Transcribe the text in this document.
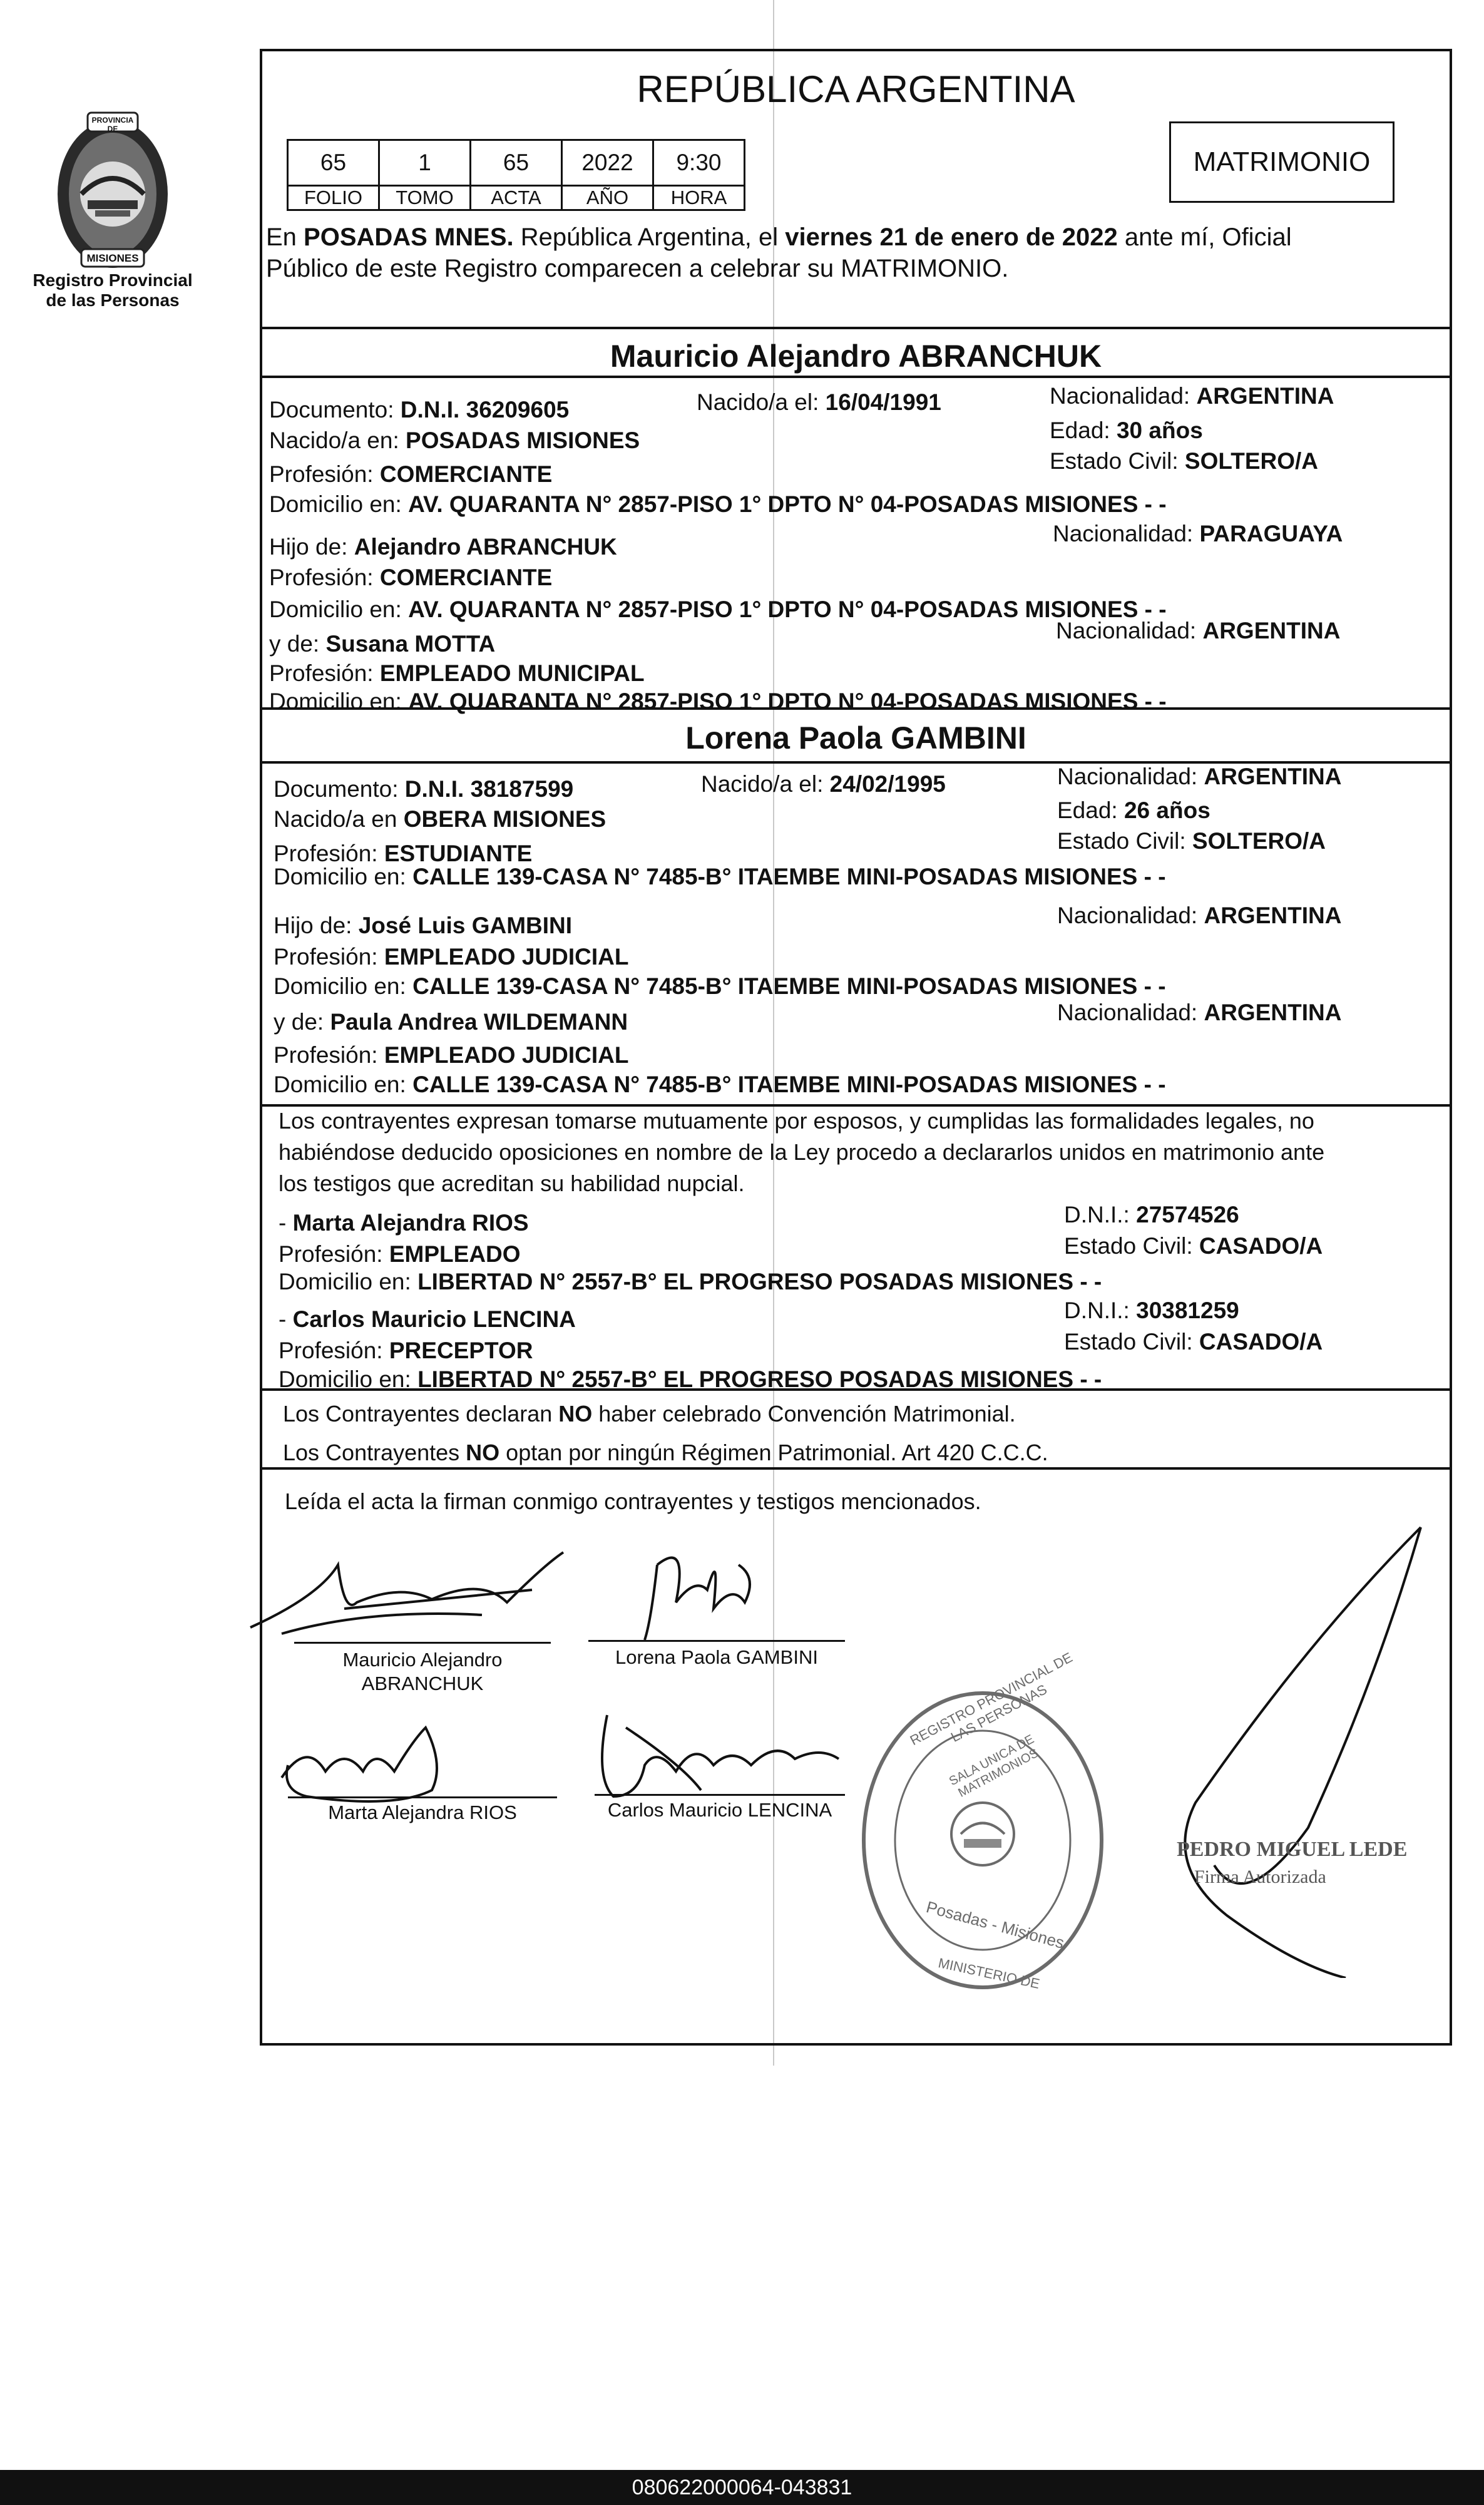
PROVINCIA DE
MISIONES
Registro Provincial
de las Personas
REPÚBLICA ARGENTINA
65	1	65	2022	9:30
FOLIO	TOMO	ACTA	AÑO	HORA
MATRIMONIO
En POSADAS MNES. República Argentina, el viernes 21 de enero de 2022 ante mí, Oficial
Público de este Registro comparecen a celebrar su MATRIMONIO.
Mauricio Alejandro ABRANCHUK
Documento: D.N.I. 36209605	Nacido/a el: 16/04/1991	Nacionalidad: ARGENTINA
Nacido/a en: POSADAS MISIONES	Edad: 30 años
Profesión: COMERCIANTE
Estado Civil: SOLTERO/A
Domicilio en: AV. QUARANTA N° 2857-PISO 1° DPTO N° 04-POSADAS MISIONES - -
Hijo de: Alejandro ABRANCHUK
Nacionalidad: PARAGUAYA
Profesión: COMERCIANTE
Domicilio en: AV. QUARANTA N° 2857-PISO 1° DPTO N° 04-POSADAS MISIONES - -
y de: Susana MOTTA
Nacionalidad: ARGENTINA
Profesión: EMPLEADO MUNICIPAL
Domicilio en: AV. QUARANTA N° 2857-PISO 1° DPTO N° 04-POSADAS MISIONES - -
Lorena Paola GAMBINI
Documento: D.N.I. 38187599	Nacido/a el: 24/02/1995	Nacionalidad: ARGENTINA
Nacido/a en OBERA MISIONES	Edad: 26 años
Profesión: ESTUDIANTE	Estado Civil: SOLTERO/A
Domicilio en: CALLE 139-CASA N° 7485-B° ITAEMBE MINI-POSADAS MISIONES - -
Hijo de: José Luis GAMBINI	Nacionalidad: ARGENTINA
Profesión: EMPLEADO JUDICIAL
Domicilio en: CALLE 139-CASA N° 7485-B° ITAEMBE MINI-POSADAS MISIONES - -
y de: Paula Andrea WILDEMANN	Nacionalidad: ARGENTINA
Profesión: EMPLEADO JUDICIAL
Domicilio en: CALLE 139-CASA N° 7485-B° ITAEMBE MINI-POSADAS MISIONES - -
Los contrayentes expresan tomarse mutuamente por esposos, y cumplidas las formalidades legales, no
habiéndose deducido oposiciones en nombre de la Ley procedo a declararlos unidos en matrimonio ante
los testigos que acreditan su habilidad nupcial.
- Marta Alejandra RIOS	D.N.I.: 27574526
Profesión: EMPLEADO	Estado Civil: CASADO/A
Domicilio en: LIBERTAD N° 2557-B° EL PROGRESO POSADAS MISIONES - -
- Carlos Mauricio LENCINA	D.N.I.: 30381259
Profesión: PRECEPTOR	Estado Civil: CASADO/A
Domicilio en: LIBERTAD N° 2557-B° EL PROGRESO POSADAS MISIONES - -
Los Contrayentes declaran NO haber celebrado Convención Matrimonial.
Los Contrayentes NO optan por ningún Régimen Patrimonial. Art 420 C.C.C.
Leída el acta la firman conmigo contrayentes y testigos mencionados.
Mauricio Alejandro
ABRANCHUK
Lorena Paola GAMBINI
Marta Alejandra RIOS	Carlos Mauricio LENCINA
REGISTRO PROVINCIAL DE LAS PERSONAS
SALA UNICA DE MATRIMONIOS
Posadas - Misiones
MINISTERIO DE
PEDRO MIGUEL LEDE
Firma Autorizada
080622000064-043831
